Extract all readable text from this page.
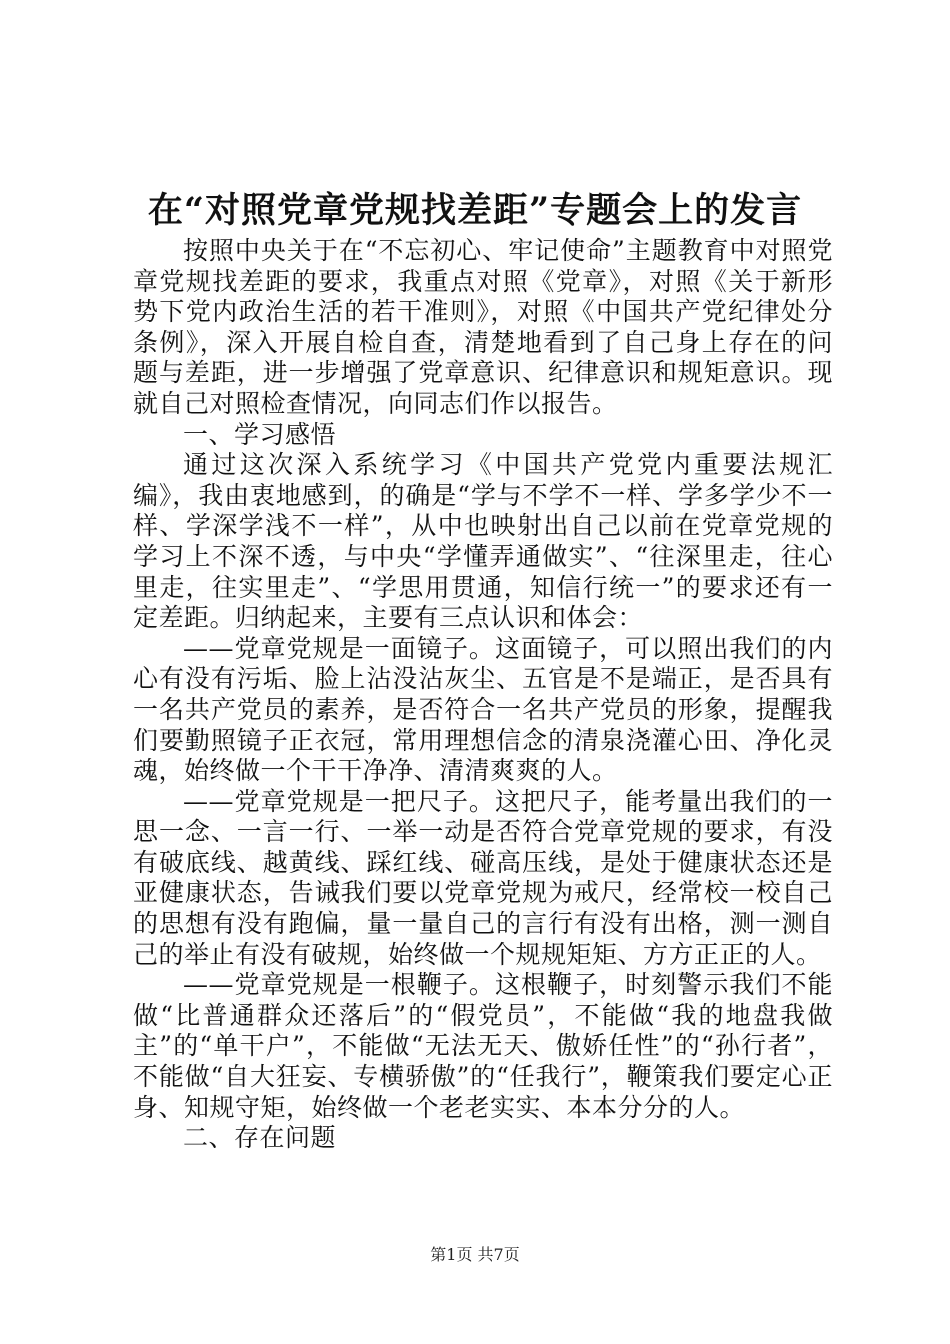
在“对照党章党规找差距”专题会上的发言

按照中央关于在“不忘初心、牢记使命”主题教育中对照党章党规找差距的要求，我重点对照《党章》，对照《关于新形势下党内政治生活的若干准则》，对照《中国共产党纪律处分条例》，深入开展自检自查，清楚地看到了自己身上存在的问题与差距，进一步增强了党章意识、纪律意识和规矩意识。现就自己对照检查情况，向同志们作以报告。

一、学习感悟

通过这次深入系统学习《中国共产党党内重要法规汇编》，我由衷地感到，的确是“学与不学不一样、学多学少不一样、学深学浅不一样”，从中也映射出自己以前在党章党规的学习上不深不透，与中央“学懂弄通做实”、“往深里走，往心里走，往实里走”、“学思用贯通，知信行统一”的要求还有一定差距。归纳起来，主要有三点认识和体会：

——党章党规是一面镜子。这面镜子，可以照出我们的内心有没有污垢、脸上沾没沾灰尘、五官是不是端正，是否具有一名共产党员的素养，是否符合一名共产党员的形象，提醒我们要勤照镜子正衣冠，常用理想信念的清泉浇灌心田、净化灵魂，始终做一个干干净净、清清爽爽的人。

——党章党规是一把尺子。这把尺子，能考量出我们的一思一念、一言一行、一举一动是否符合党章党规的要求，有没有破底线、越黄线、踩红线、碰高压线，是处于健康状态还是亚健康状态，告诫我们要以党章党规为戒尺，经常校一校自己的思想有没有跑偏，量一量自己的言行有没有出格，测一测自己的举止有没有破规，始终做一个规规矩矩、方方正正的人。

——党章党规是一根鞭子。这根鞭子，时刻警示我们不能做“比普通群众还落后”的“假党员”，不能做“我的地盘我做主”的“单干户”，不能做“无法无天、傲娇任性”的“孙行者”，不能做“自大狂妄、专横骄傲”的“任我行”，鞭策我们要定心正身、知规守矩，始终做一个老老实实、本本分分的人。

二、存在问题

第1页 共7页
